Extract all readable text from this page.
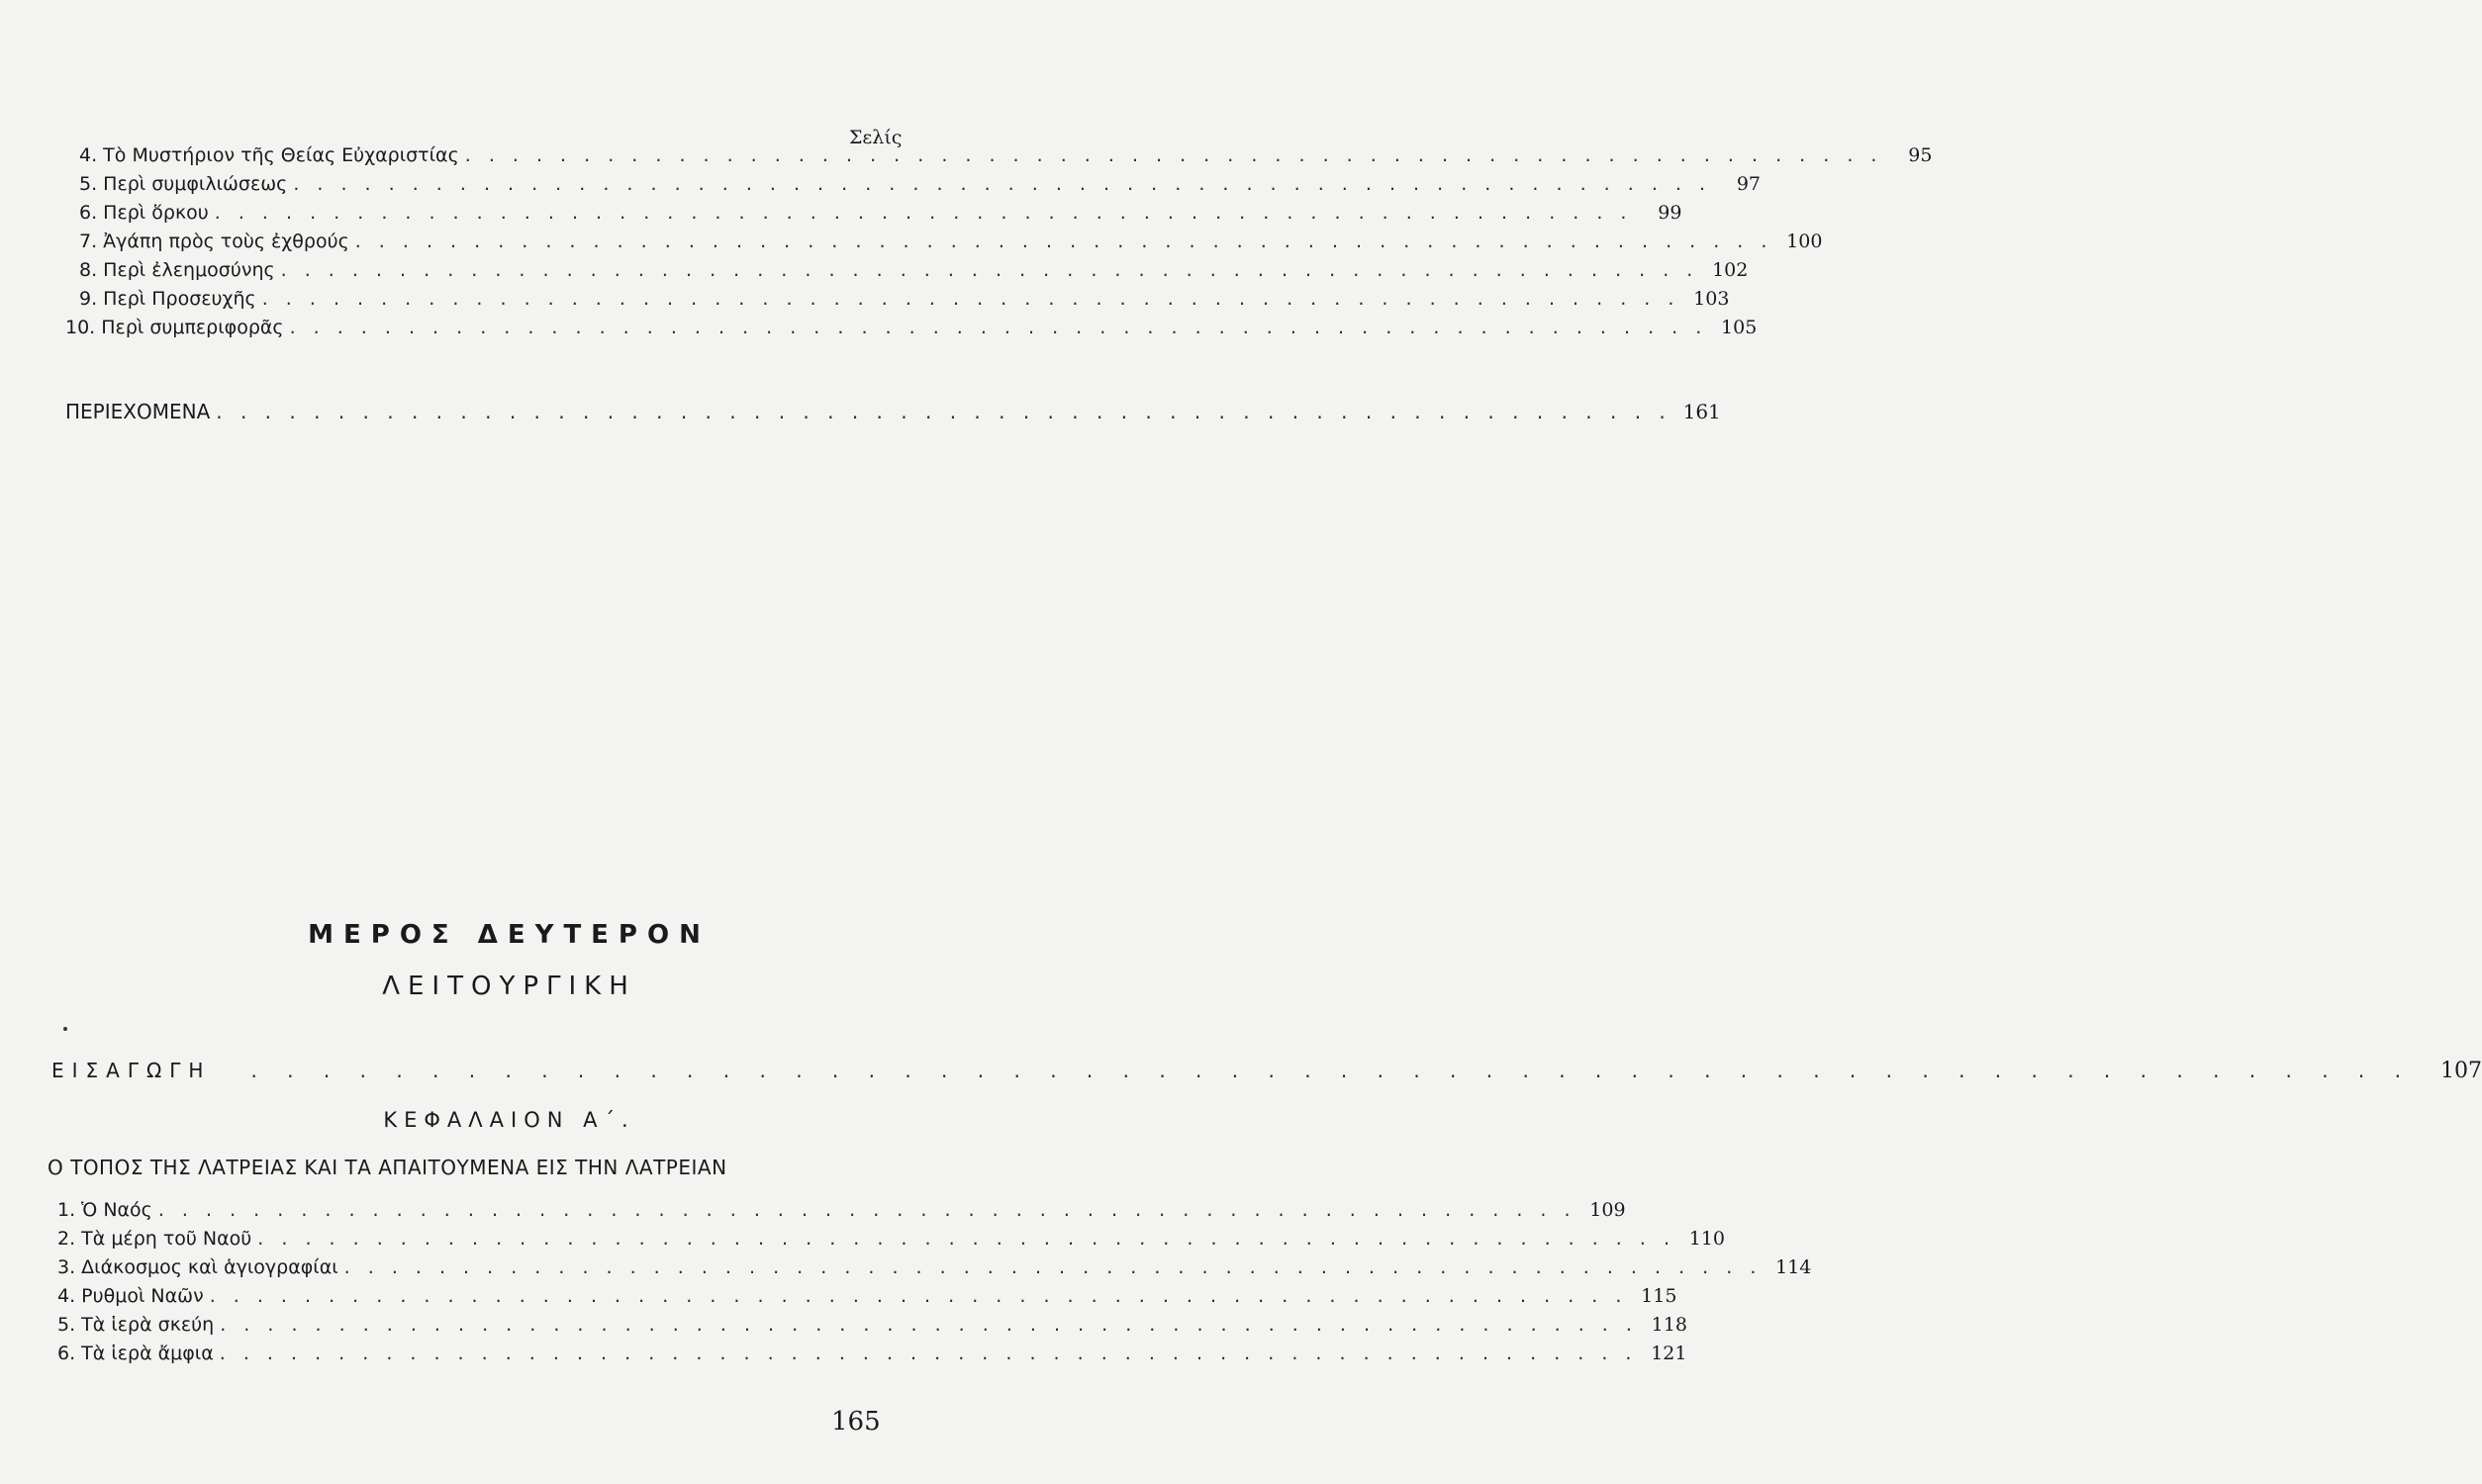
Σελίς
4. Τὸ Μυστήριον τῆς Θείας Εὐχαριστίας . . . . . . . . . . . . . . . . . . . . . . . . . . . . . . . . . . . . . . . . . . . . . . . . . . . . . . . . . . . .	95
5. Περὶ συμφιλιώσεως . . . . . . . . . . . . . . . . . . . . . . . . . . . . . . . . . . . . . . . . . . . . . . . . . . . . . . . . . . . .	97
6. Περὶ ὅρκου . . . . . . . . . . . . . . . . . . . . . . . . . . . . . . . . . . . . . . . . . . . . . . . . . . . . . . . . . . . .	99
7. Ἀγάπη πρὸς τοὺς ἐχθρούς . . . . . . . . . . . . . . . . . . . . . . . . . . . . . . . . . . . . . . . . . . . . . . . . . . . . . . . . . . . . 100
8. Περὶ ἐλεημοσύνης . . . . . . . . . . . . . . . . . . . . . . . . . . . . . . . . . . . . . . . . . . . . . . . . . . . . . . . . . . . . 102
9. Περὶ Προσευχῆς . . . . . . . . . . . . . . . . . . . . . . . . . . . . . . . . . . . . . . . . . . . . . . . . . . . . . . . . . . . . 103
10. Περὶ συμπεριφορᾶς . . . . . . . . . . . . . . . . . . . . . . . . . . . . . . . . . . . . . . . . . . . . . . . . . . . . . . . . . . . . 105
ΠΕΡΙΕΧΟΜΕΝΑ . . . . . . . . . . . . . . . . . . . . . . . . . . . . . . . . . . . . . . . . . . . . . . . . . . . . . . . . . . . . 161
ΜΕΡΟΣ ΔΕΥΤΕΡΟΝ
ΛΕΙΤΟΥΡΓΙΚΗ
ΕΙΣΑΓΩΓΗ	. . . . . . . . . . . . . . . . . . . . . . . . . . . . . . . . . . . . . . . . . . . . . . . . . . . . . . . . . . . .	107
ΚΕΦΑΛΑΙΟΝ Α΄.
Ο ΤΟΠΟΣ ΤΗΣ ΛΑΤΡΕΙΑΣ ΚΑΙ ΤΑ ΑΠΑΙΤΟΥΜΕΝΑ ΕΙΣ ΤΗΝ ΛΑΤΡΕΙΑΝ
1. Ὁ Ναός . . . . . . . . . . . . . . . . . . . . . . . . . . . . . . . . . . . . . . . . . . . . . . . . . . . . . . . . . . . . 109
2. Τὰ μέρη τοῦ Ναοῦ . . . . . . . . . . . . . . . . . . . . . . . . . . . . . . . . . . . . . . . . . . . . . . . . . . . . . . . . . . . . 110
3. Διάκοσμος καὶ ἁγιογραφίαι . . . . . . . . . . . . . . . . . . . . . . . . . . . . . . . . . . . . . . . . . . . . . . . . . . . . . . . . . . . . 114
4. Ρυθμοὶ Ναῶν . . . . . . . . . . . . . . . . . . . . . . . . . . . . . . . . . . . . . . . . . . . . . . . . . . . . . . . . . . . . 115
5. Τὰ ἱερὰ σκεύη . . . . . . . . . . . . . . . . . . . . . . . . . . . . . . . . . . . . . . . . . . . . . . . . . . . . . . . . . . . . 118
6. Τὰ ἱερὰ ἄμφια . . . . . . . . . . . . . . . . . . . . . . . . . . . . . . . . . . . . . . . . . . . . . . . . . . . . . . . . . . . . 121
165
